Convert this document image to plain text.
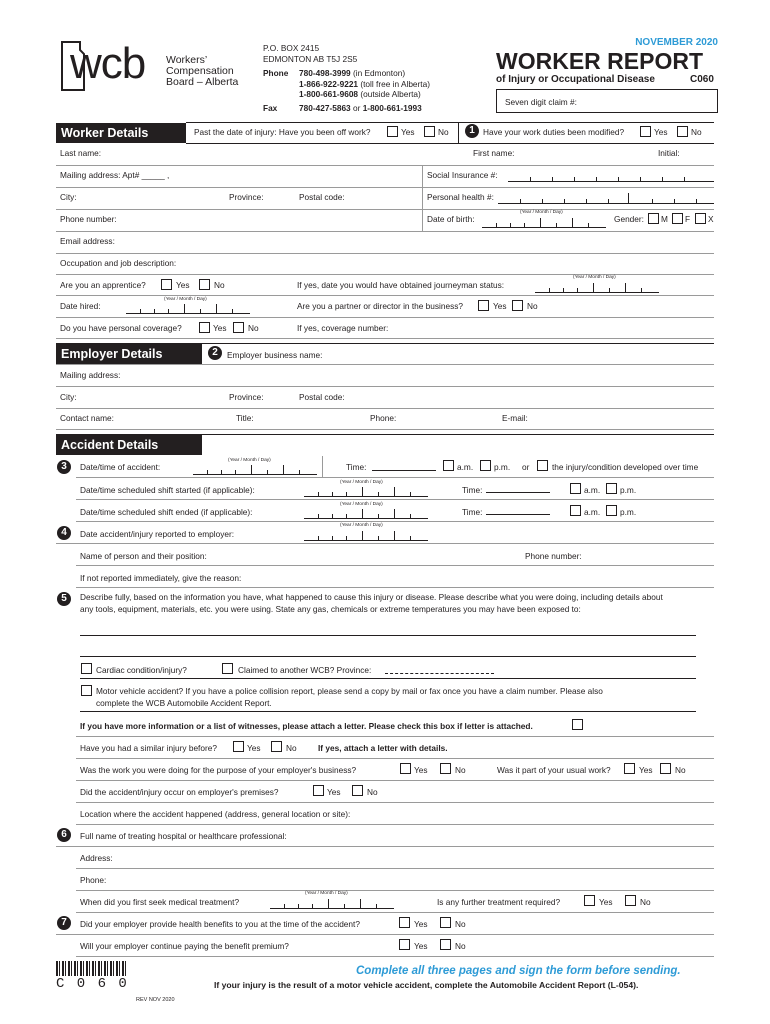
wcb Workers’
Compensation
Board – Alberta
P.O. BOX 2415
EDMONTON AB T5J 2S5
Phone 780-498-3999 (in Edmonton)
1-866-922-9221 (toll free in Alberta)
1-800-661-9608 (outside Alberta)
Fax	780-427-5863 or 1-800-661-1993
NOVEMBER 2020
WORKER REPORT
of Injury or Occupational Disease	C060
Seven digit claim #:
Worker Details	Past the date of injury: Have you been off work?	Yes	No	1 Have your work duties been modified?	Yes	No
Last name:	First name:	Initial:
Mailing address: Apt# _____ ,	Social Insurance #:
City:	Province:	Postal code:	Personal health #:
Phone number:	Date of birth:
(Year / Month / Day)
Gender: M F X
Email address:
Occupation and job description:
Are you an apprentice?	Yes	No	If yes, date you would have obtained journeyman status:
(Year / Month / Day)
Date hired:
(Year / Month / Day)
Are you a partner or director in the business?	Yes No
Do you have personal coverage?	Yes	No	If yes, coverage number:
Employer Details	2	Employer business name:
Mailing address:
City:	Province:	Postal code:
Contact name:	Title:	Phone:	E-mail:
Accident Details
3	Date/time of accident:
(Year / Month / Day)
Time:	a.m.	p.m. or	the injury/condition developed over time
Date/time scheduled shift started (if applicable):
(Year / Month / Day)
Time:	a.m. p.m.
Date/time scheduled shift ended (if applicable):
(Year / Month / Day)
Time:	a.m. p.m.
4	Date accident/injury reported to employer:
(Year / Month / Day)
Name of person and their position:	Phone number:
If not reported immediately, give the reason:
5	Describe fully, based on the information you have, what happened to cause this injury or disease. Please describe what you were doing, including details about
any tools, equipment, materials, etc. you were using. State any gas, chemicals or extreme temperatures you may have been exposed to:
Cardiac condition/injury?	Claimed to another WCB? Province:
Motor vehicle accident? If you have a police collision report, please send a copy by mail or fax once you have a claim number. Please also
complete the WCB Automobile Accident Report.
If you have more information or a list of witnesses, please attach a letter. Please check this box if letter is attached.
Have you had a similar injury before?	Yes	No	If yes, attach a letter with details.
Was the work you were doing for the purpose of your employer's business?	Yes	No	Was it part of your usual work?	Yes	No
Did the accident/injury occur on employer's premises?	Yes	No
Location where the accident happened (address, general location or site):
6	Full name of treating hospital or healthcare professional:
Address:
Phone:
When did you first seek medical treatment?
(Year / Month / Day)
Is any further treatment required?	Yes	No
7	Did your employer provide health benefits to you at the time of the accident?	Yes	No
Will your employer continue paying the benefit premium?	Yes	No
C 0 6 0
Complete all three pages and sign the form before sending.
If your injury is the result of a motor vehicle accident, complete the Automobile Accident Report (L-054).
REV NOV 2020
